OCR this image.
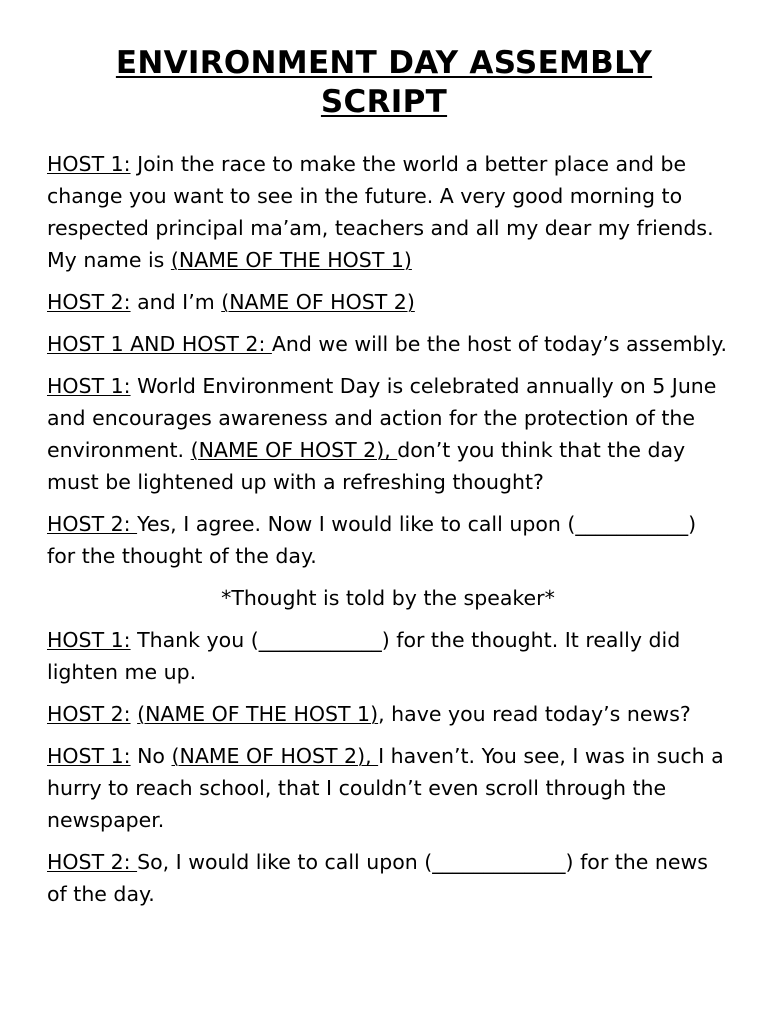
ENVIRONMENT DAY ASSEMBLY
SCRIPT

HOST 1: Join the race to make the world a better place and be change you want to see in the future. A very good morning to respected principal ma’am, teachers and all my dear my friends. My name is (NAME OF THE HOST 1)

HOST 2: and I’m (NAME OF HOST 2)

HOST 1 AND HOST 2: And we will be the host of today’s assembly.

HOST 1: World Environment Day is celebrated annually on 5 June and encourages awareness and action for the protection of the environment. (NAME OF HOST 2), don’t you think that the day must be lightened up with a refreshing thought?

HOST 2: Yes, I agree. Now I would like to call upon (___________) for the thought of the day.

*Thought is told by the speaker*

HOST 1: Thank you (____________) for the thought. It really did lighten me up.

HOST 2: (NAME OF THE HOST 1), have you read today’s news?

HOST 1: No (NAME OF HOST 2), I haven’t. You see, I was in such a hurry to reach school, that I couldn’t even scroll through the newspaper.

HOST 2: So, I would like to call upon (_____________) for the news of the day.
